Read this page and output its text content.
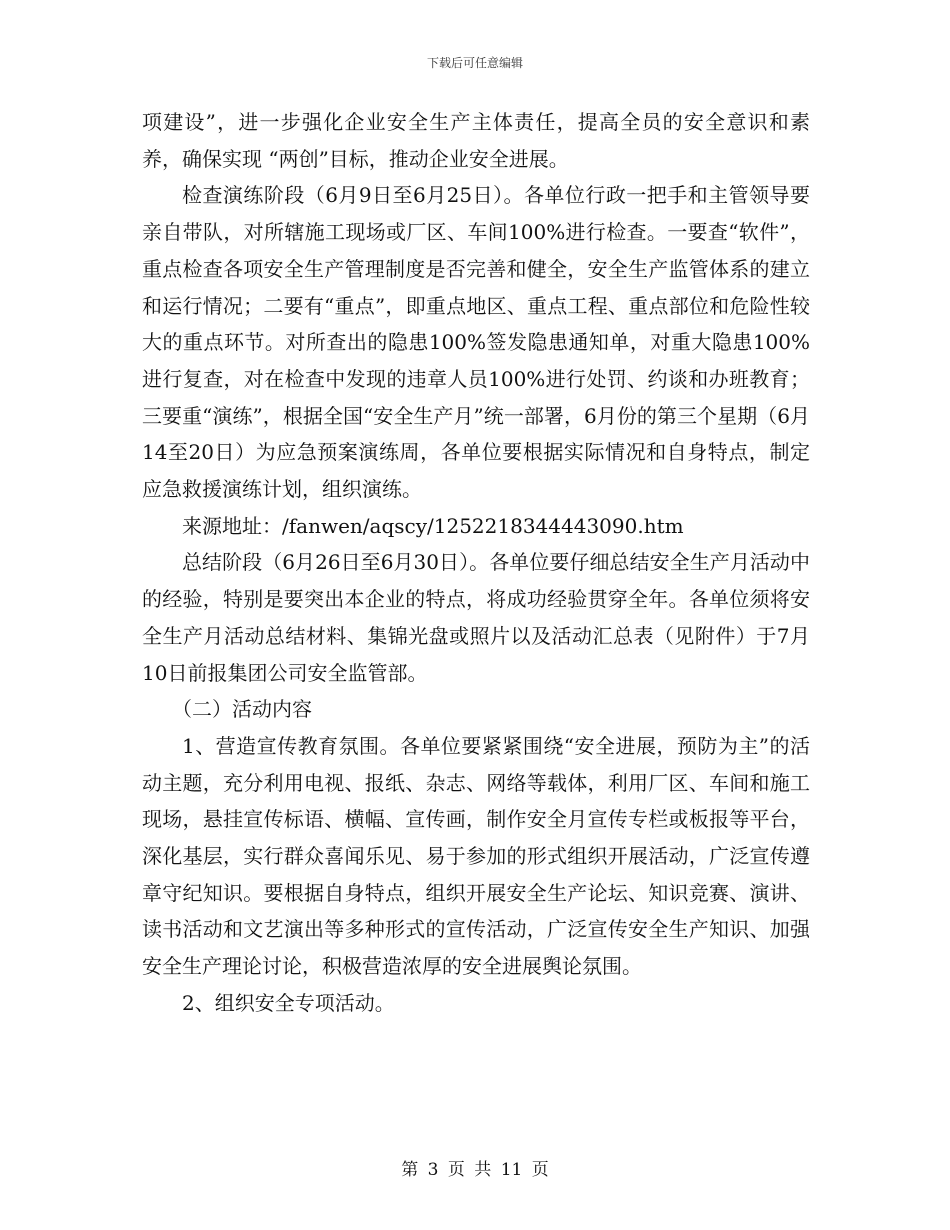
下载后可任意编辑

项建设”，进一步强化企业安全生产主体责任，提高全员的安全意识和素养，确保实现 “两创”目标，推动企业安全进展。

检查演练阶段（6月9日至6月25日）。各单位行政一把手和主管领导要亲自带队，对所辖施工现场或厂区、车间100%进行检查。一要查“软件”，重点检查各项安全生产管理制度是否完善和健全，安全生产监管体系的建立和运行情况；二要有“重点”，即重点地区、重点工程、重点部位和危险性较大的重点环节。对所查出的隐患100%签发隐患通知单，对重大隐患100%进行复查，对在检查中发现的违章人员100%进行处罚、约谈和办班教育；三要重“演练”，根据全国“安全生产月”统一部署，6月份的第三个星期（6月14至20日）为应急预案演练周，各单位要根据实际情况和自身特点，制定应急救援演练计划，组织演练。

来源地址：/fanwen/aqscy/1252218344443090.htm

总结阶段（6月26日至6月30日）。各单位要仔细总结安全生产月活动中的经验，特别是要突出本企业的特点，将成功经验贯穿全年。各单位须将安全生产月活动总结材料、集锦光盘或照片以及活动汇总表（见附件）于7月10日前报集团公司安全监管部。

（二）活动内容

1、营造宣传教育氛围。各单位要紧紧围绕“安全进展，预防为主”的活动主题，充分利用电视、报纸、杂志、网络等载体，利用厂区、车间和施工现场，悬挂宣传标语、横幅、宣传画，制作安全月宣传专栏或板报等平台，深化基层，实行群众喜闻乐见、易于参加的形式组织开展活动，广泛宣传遵章守纪知识。要根据自身特点，组织开展安全生产论坛、知识竞赛、演讲、读书活动和文艺演出等多种形式的宣传活动，广泛宣传安全生产知识、加强安全生产理论讨论，积极营造浓厚的安全进展舆论氛围。

2、组织安全专项活动。

第 3 页 共 11 页
